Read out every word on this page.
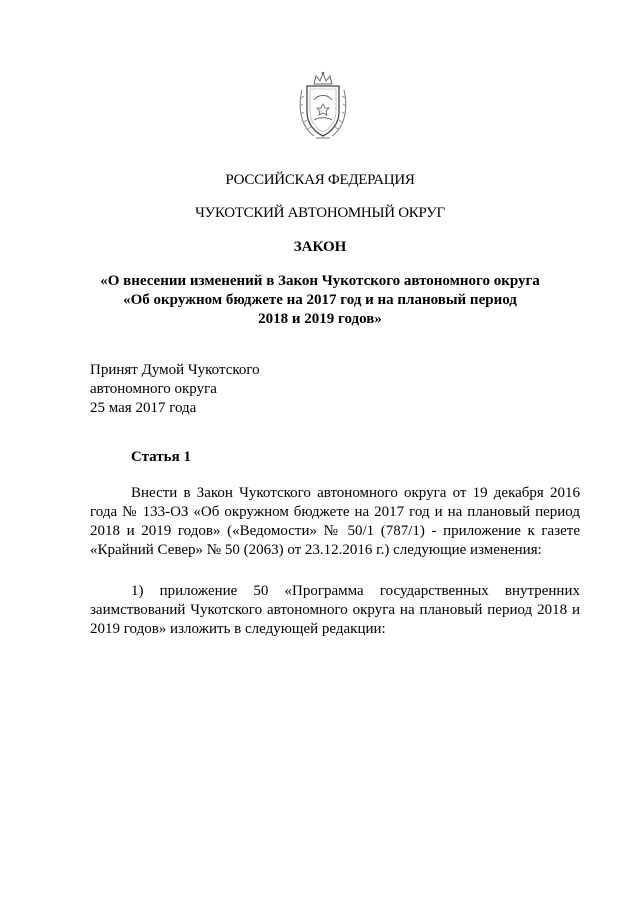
РОССИЙСКАЯ ФЕДЕРАЦИЯ
ЧУКОТСКИЙ АВТОНОМНЫЙ ОКРУГ
ЗАКОН
«О внесении изменений в Закон Чукотского автономного округа
«Об окружном бюджете на 2017 год и на плановый период
2018 и 2019 годов»
Принят Думой Чукотского
автономного округа
25 мая 2017 года
Статья 1
Внести в Закон Чукотского автономного округа от 19 декабря 2016 года № 133-ОЗ «Об окружном бюджете на 2017 год и на плановый период 2018 и 2019 годов» («Ведомости» № 50/1 (787/1) - приложение к газете «Крайний Север» № 50 (2063) от 23.12.2016 г.) следующие изменения:
1) приложение 50 «Программа государственных внутренних заимствований Чукотского автономного округа на плановый период 2018 и 2019 годов» изложить в следующей редакции:
